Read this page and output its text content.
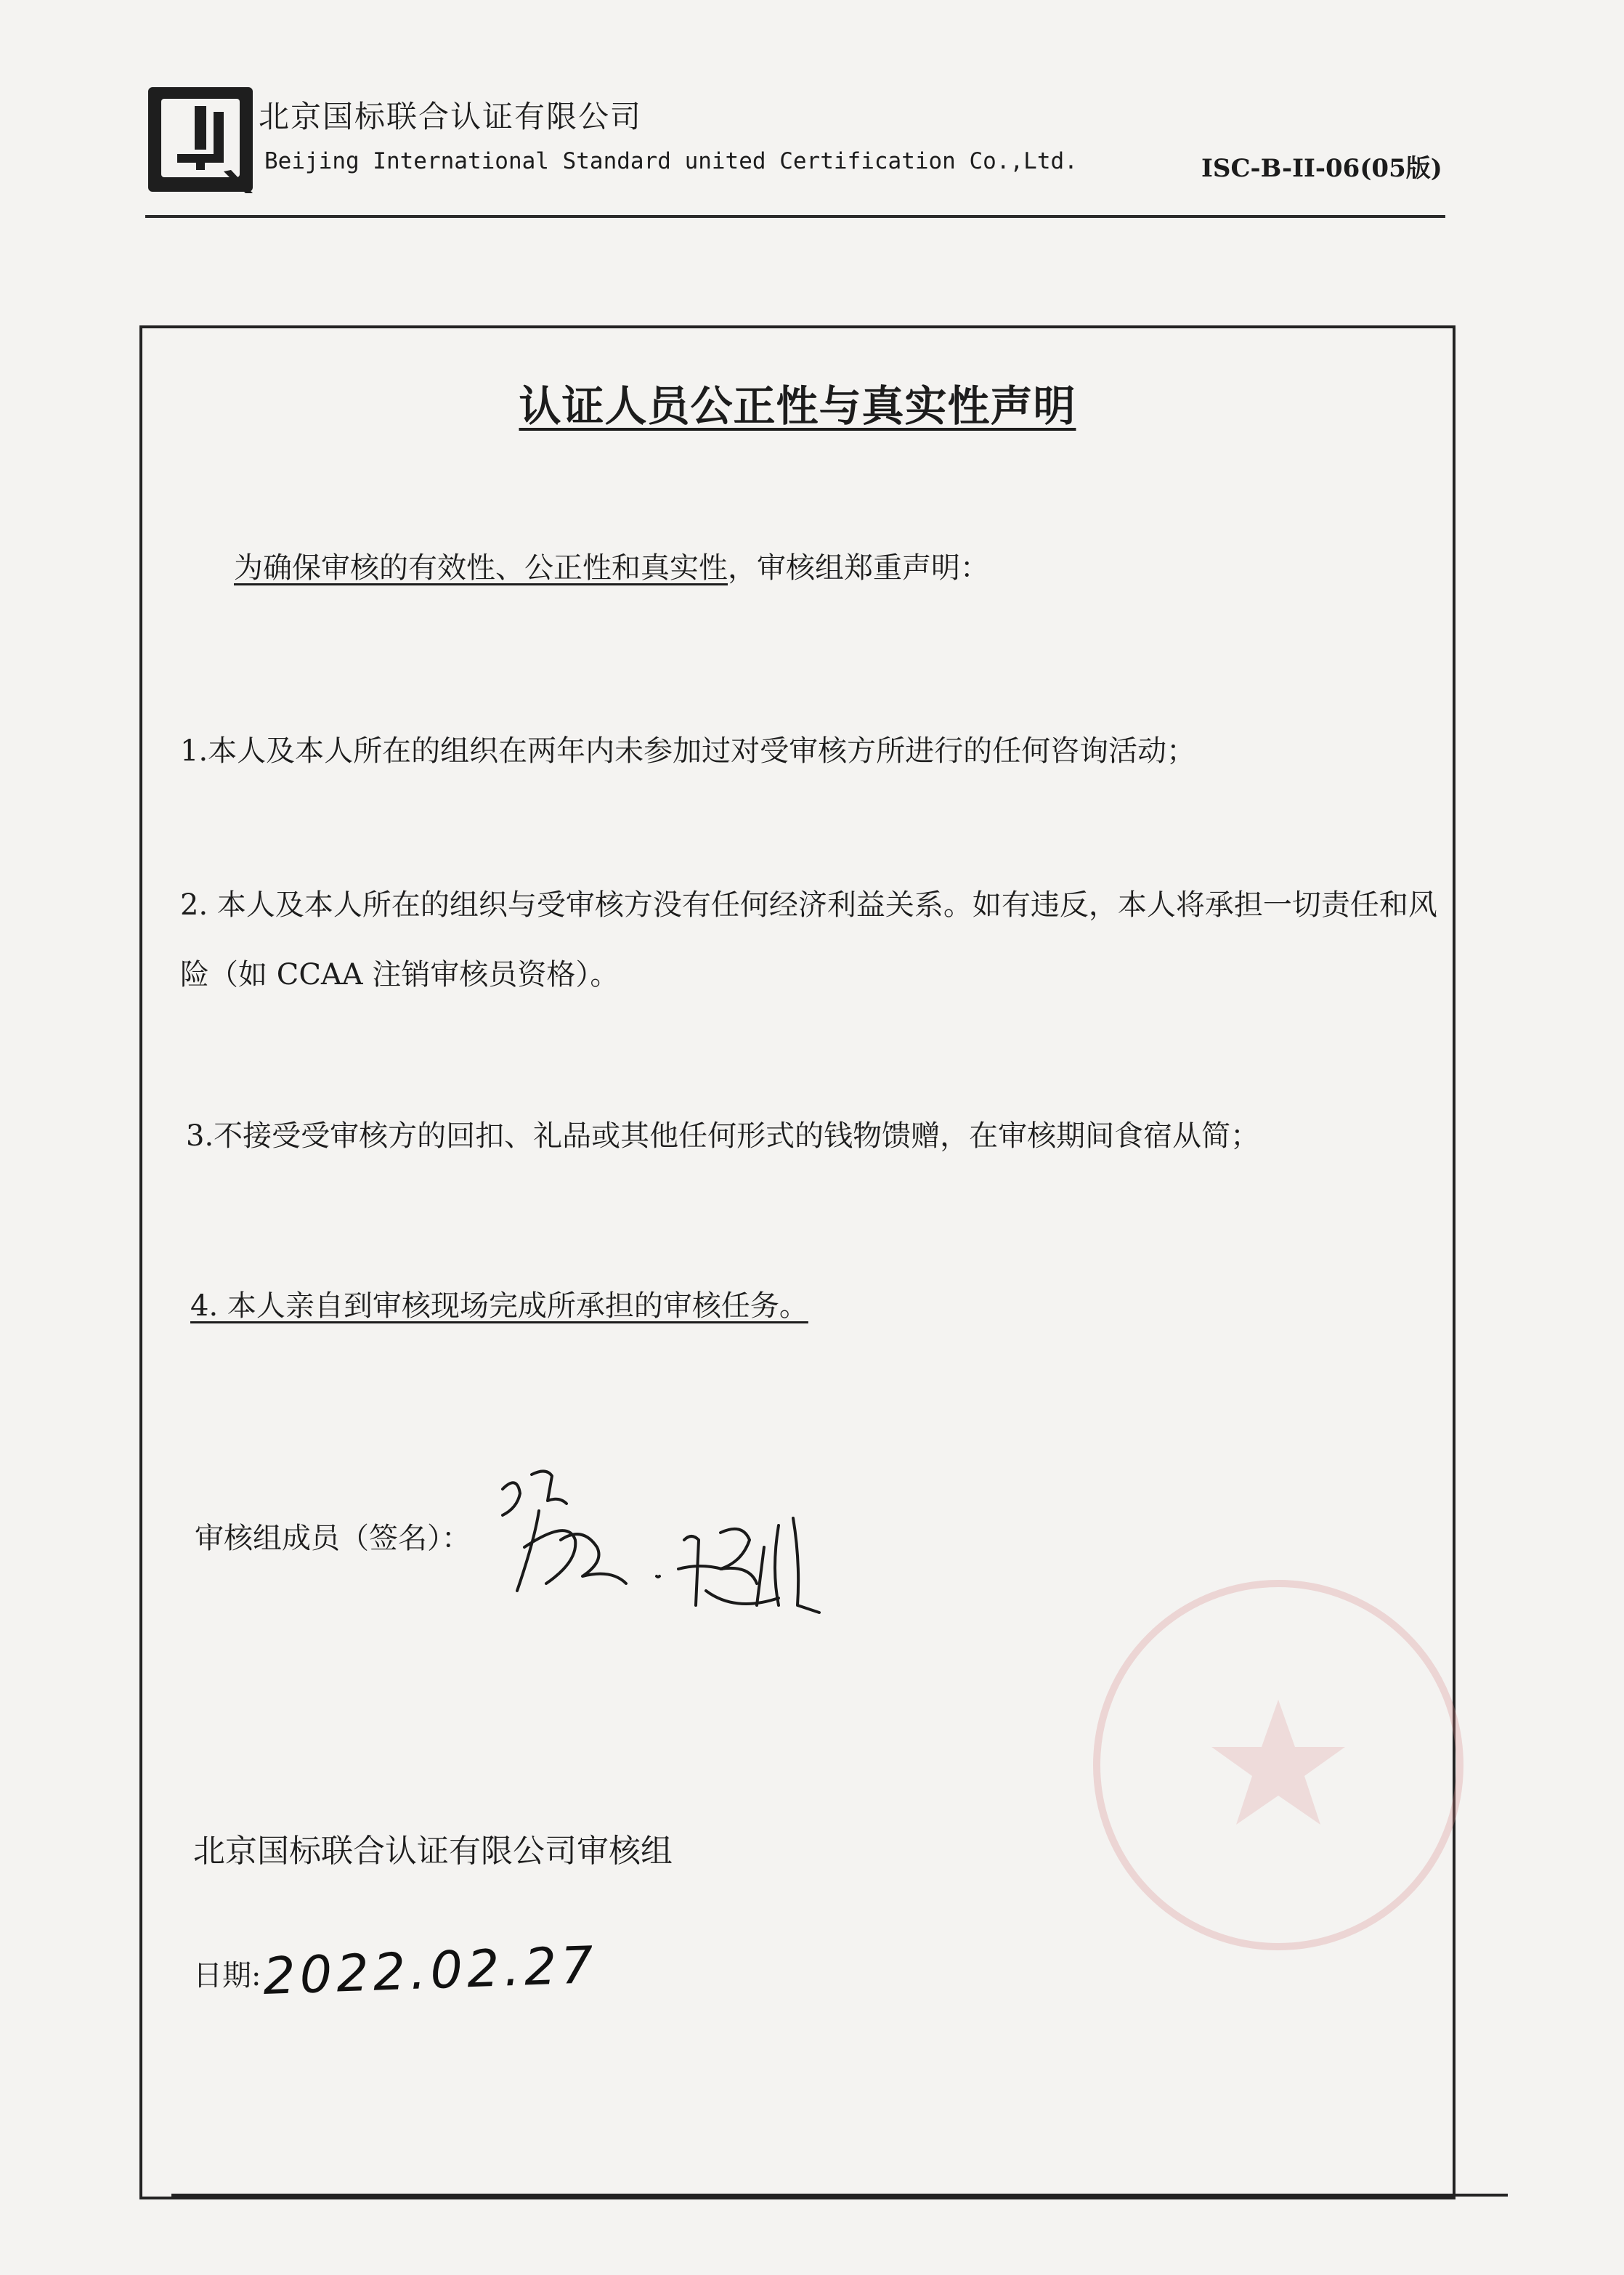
北京国标联合认证有限公司
Beijing International Standard united Certification Co.,Ltd.	ISC-B-II-06(05版)
认证人员公正性与真实性声明
为确保审核的有效性、公正性和真实性，审核组郑重声明：
1.本人及本人所在的组织在两年内未参加过对受审核方所进行的任何咨询活动；
2. 本人及本人所在的组织与受审核方没有任何经济利益关系。如有违反，本人将承担一切责任和风险（如 CCAA 注销审核员资格）。
3.不接受受审核方的回扣、礼品或其他任何形式的钱物馈赠，在审核期间食宿从简；
4. 本人亲自到审核现场完成所承担的审核任务。
审核组成员（签名）：
北京国标联合认证有限公司审核组
日期: 2022.02.27
